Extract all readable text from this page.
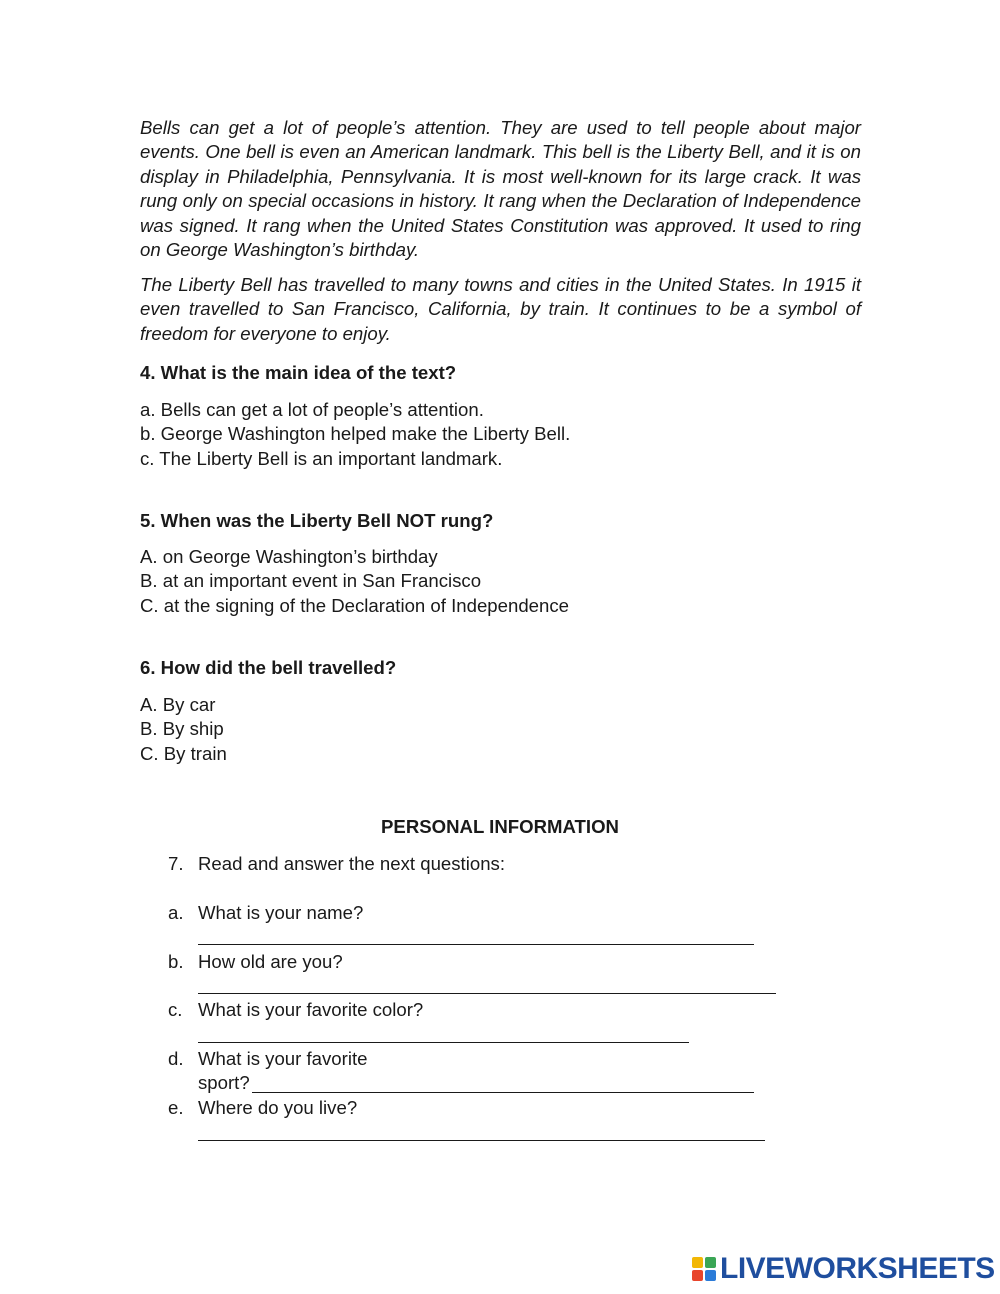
Bells can get a lot of people’s attention. They are used to tell people about major events. One bell is even an American landmark. This bell is the Liberty Bell, and it is on display in Philadelphia, Pennsylvania. It is most well-known for its large crack. It was rung only on special occasions in history. It rang when the Declaration of Independence was signed. It rang when the United States Constitution was approved. It used to ring on George Washington’s birthday.

The Liberty Bell has travelled to many towns and cities in the United States. In 1915 it even travelled to San Francisco, California, by train. It continues to be a symbol of freedom for everyone to enjoy.

4. What is the main idea of the text?
a. Bells can get a lot of people’s attention.
b. George Washington helped make the Liberty Bell.
c. The Liberty Bell is an important landmark.
5. When was the Liberty Bell NOT rung?
A. on George Washington’s birthday
B. at an important event in San Francisco
C. at the signing of the Declaration of Independence
6. How did the bell travelled?
A. By car
B. By ship
C. By train
PERSONAL INFORMATION
7. Read and answer the next questions:
a. What is your name?
b. How old are you?
c. What is your favorite color?
d. What is your favorite
sport?
e. Where do you live?
LIVEWORKSHEETS
